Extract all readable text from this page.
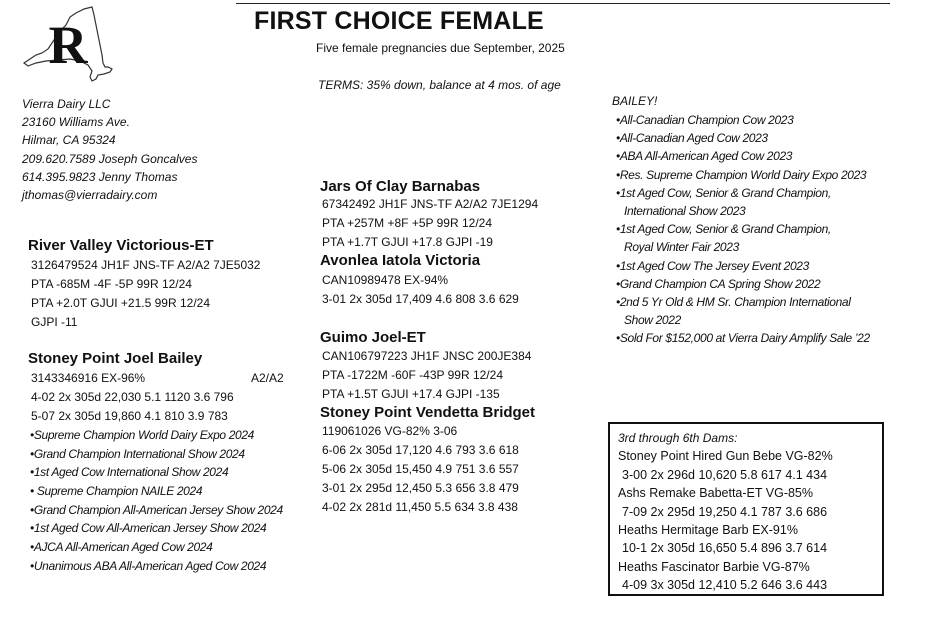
R	FIRST CHOICE FEMALE
Five female pregnancies due September, 2025
TERMS: 35% down, balance at 4 mos. of age
Vierra Dairy LLC
23160 Williams Ave.
Hilmar, CA 95324
209.620.7589 Joseph Goncalves
614.395.9823 Jenny Thomas
jthomas@vierradairy.com
River Valley Victorious-ET
3126479524 JH1F JNS-TF A2/A2 7JE5032
PTA -685M -4F -5P 99R 12/24
PTA +2.0T GJUI +21.5 99R 12/24
GJPI -11
Stoney Point Joel Bailey
3143346916 EX-96%	A2/A2
4-02 2x 305d 22,030 5.1 1120 3.6 796
5-07 2x 305d 19,860 4.1 810 3.9 783
•Supreme Champion World Dairy Expo 2024
•Grand Champion International Show 2024
•1st Aged Cow International Show 2024
• Supreme Champion NAILE 2024
•Grand Champion All-American Jersey Show 2024
•1st Aged Cow All-American Jersey Show 2024
•AJCA All-American Aged Cow 2024
•Unanimous ABA All-American Aged Cow 2024
Jars Of Clay Barnabas
67342492 JH1F JNS-TF A2/A2 7JE1294
PTA +257M +8F +5P 99R 12/24
PTA +1.7T GJUI +17.8 GJPI -19
Avonlea Iatola Victoria
CAN10989478 EX-94%
3-01 2x 305d 17,409 4.6 808 3.6 629
Guimo Joel-ET
CAN106797223 JH1F JNSC 200JE384
PTA -1722M -60F -43P 99R 12/24
PTA +1.5T GJUI +17.4 GJPI -135
Stoney Point Vendetta Bridget
119061026 VG-82% 3-06
6-06 2x 305d 17,120 4.6 793 3.6 618
5-06 2x 305d 15,450 4.9 751 3.6 557
3-01 2x 295d 12,450 5.3 656 3.8 479
4-02 2x 281d 11,450 5.5 634 3.8 438
BAILEY!
•All-Canadian Champion Cow 2023
•All-Canadian Aged Cow 2023
•ABA All-American Aged Cow 2023
•Res. Supreme Champion World Dairy Expo 2023
•1st Aged Cow, Senior & Grand Champion,
International Show 2023
•1st Aged Cow, Senior & Grand Champion,
Royal Winter Fair 2023
•1st Aged Cow The Jersey Event 2023
•Grand Champion CA Spring Show 2022
•2nd 5 Yr Old & HM Sr. Champion International
Show 2022
•Sold For $152,000 at Vierra Dairy Amplify Sale ’22
3rd through 6th Dams:
Stoney Point Hired Gun Bebe VG-82%
3-00 2x 296d 10,620 5.8 617 4.1 434
Ashs Remake Babetta-ET VG-85%
7-09 2x 295d 19,250 4.1 787 3.6 686
Heaths Hermitage Barb EX-91%
10-1 2x 305d 16,650 5.4 896 3.7 614
Heaths Fascinator Barbie VG-87%
4-09 3x 305d 12,410 5.2 646 3.6 443
